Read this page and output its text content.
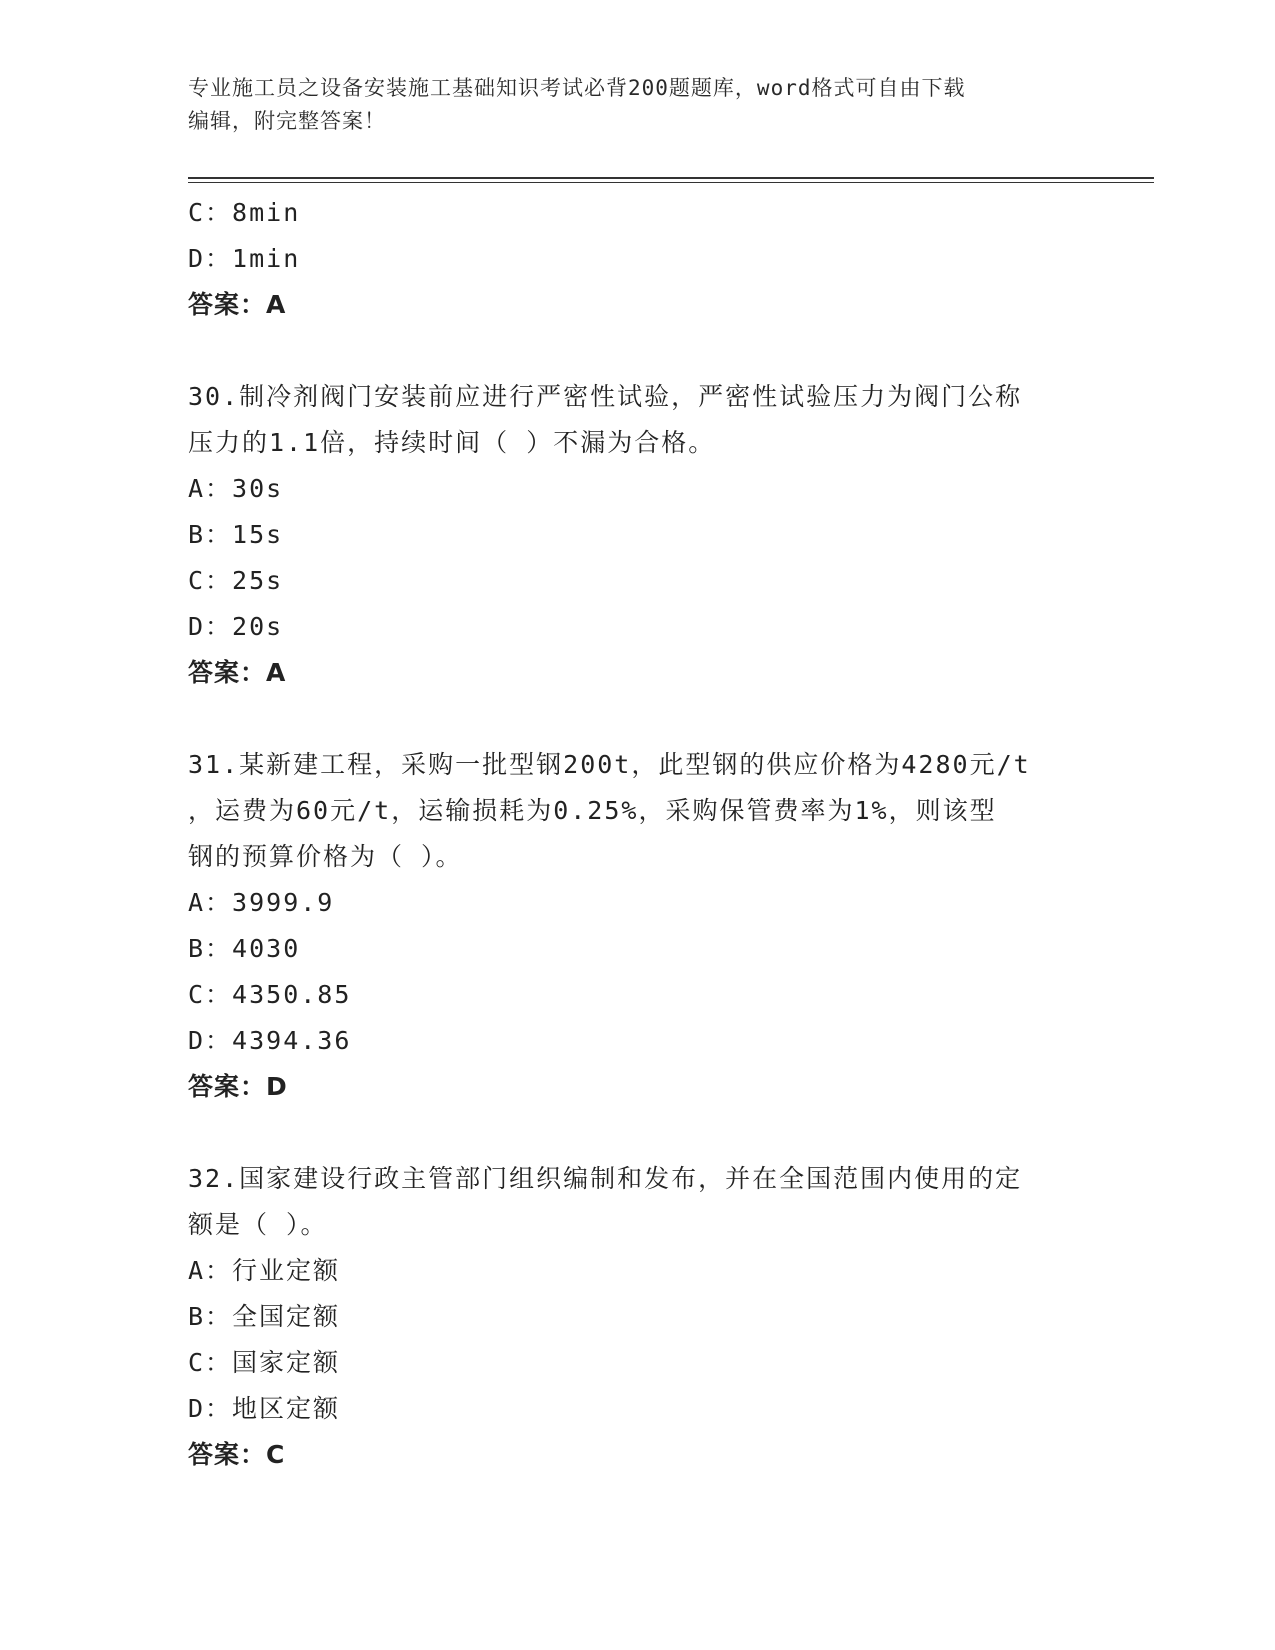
专业施工员之设备安装施工基础知识考试必背200题题库，word格式可自由下载
编辑，附完整答案！
C：8min
D：1min
答案：A
30.制冷剂阀门安装前应进行严密性试验，严密性试验压力为阀门公称
压力的1.1倍，持续时间（ ）不漏为合格。
A：30s
B：15s
C：25s
D：20s
答案：A
31.某新建工程，采购一批型钢200t，此型钢的供应价格为4280元/t
，运费为60元/t，运输损耗为0.25%，采购保管费率为1%，则该型
钢的预算价格为（ ）。
A：3999.9
B：4030
C：4350.85
D：4394.36
答案：D
32.国家建设行政主管部门组织编制和发布，并在全国范围内使用的定
额是（ ）。
A：行业定额
B：全国定额
C：国家定额
D：地区定额
答案：C
